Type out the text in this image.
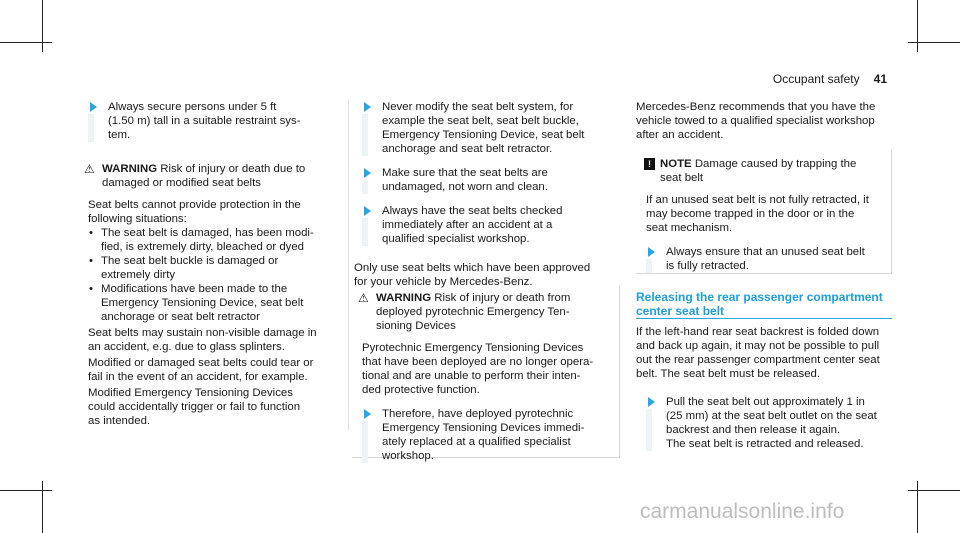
Occupant safety 41
Always secure persons under 5 ft
(1.50 m) tall in a suitable restraint sys-
tem.
⚠ WARNING Risk of injury or death due to
damaged or modified seat belts
Seat belts cannot provide protection in the
following situations:
• The seat belt is damaged, has been modi-
fied, is extremely dirty, bleached or dyed
• The seat belt buckle is damaged or
extremely dirty
• Modifications have been made to the
Emergency Tensioning Device, seat belt
anchorage or seat belt retractor
Seat belts may sustain non-visible damage in
an accident, e.g. due to glass splinters.
Modified or damaged seat belts could tear or
fail in the event of an accident, for example.
Modified Emergency Tensioning Devices
could accidentally trigger or fail to function
as intended.
Never modify the seat belt system, for
example the seat belt, seat belt buckle,
Emergency Tensioning Device, seat belt
anchorage and seat belt retractor.
Make sure that the seat belts are
undamaged, not worn and clean.
Always have the seat belts checked
immediately after an accident at a
qualified specialist workshop.
Only use seat belts which have been approved
for your vehicle by Mercedes-Benz.
⚠ WARNING Risk of injury or death from
deployed pyrotechnic Emergency Ten-
sioning Devices
Pyrotechnic Emergency Tensioning Devices
that have been deployed are no longer opera-
tional and are unable to perform their inten-
ded protective function.
Therefore, have deployed pyrotechnic
Emergency Tensioning Devices immedi-
ately replaced at a qualified specialist
workshop.
Mercedes-Benz recommends that you have the
vehicle towed to a qualified specialist workshop
after an accident.
! NOTE Damage caused by trapping the
seat belt
If an unused seat belt is not fully retracted, it
may become trapped in the door or in the
seat mechanism.
Always ensure that an unused seat belt
is fully retracted.
Releasing the rear passenger compartment
center seat belt
If the left-hand rear seat backrest is folded down
and back up again, it may not be possible to pull
out the rear passenger compartment center seat
belt. The seat belt must be released.
Pull the seat belt out approximately 1 in
(25 mm) at the seat belt outlet on the seat
backrest and then release it again.
The seat belt is retracted and released.
carmanualsonline.info
